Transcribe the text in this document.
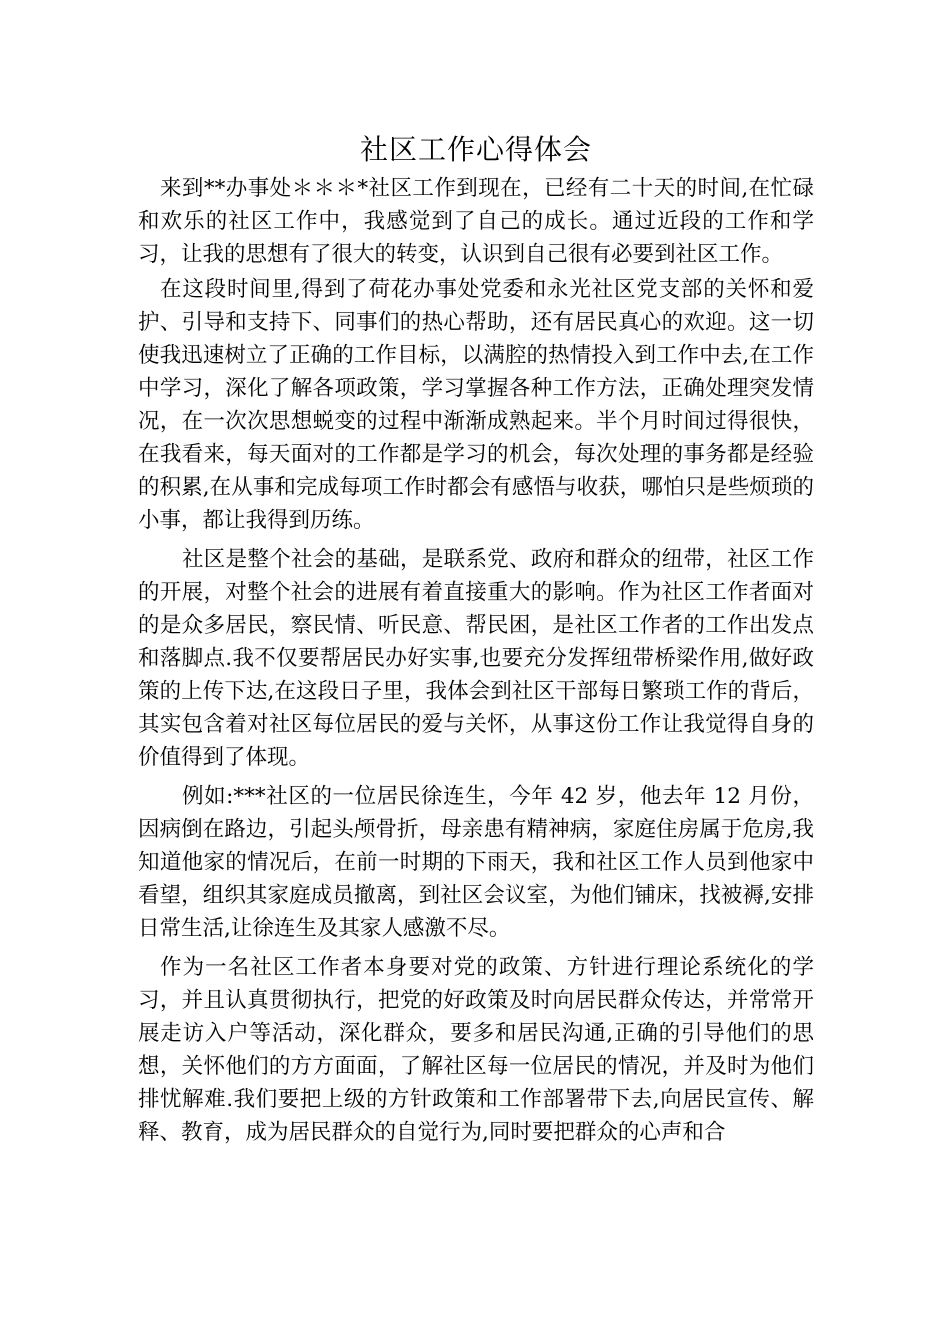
社区工作心得体会

来到**办事处＊＊＊*社区工作到现在，已经有二十天的时间,在忙碌和欢乐的社区工作中，我感觉到了自己的成长。通过近段的工作和学习，让我的思想有了很大的转变，认识到自己很有必要到社区工作。

在这段时间里,得到了荷花办事处党委和永光社区党支部的关怀和爱护、引导和支持下、同事们的热心帮助，还有居民真心的欢迎。这一切使我迅速树立了正确的工作目标，以满腔的热情投入到工作中去,在工作中学习，深化了解各项政策，学习掌握各种工作方法，正确处理突发情况，在一次次思想蜕变的过程中渐渐成熟起来。半个月时间过得很快，在我看来，每天面对的工作都是学习的机会，每次处理的事务都是经验的积累,在从事和完成每项工作时都会有感悟与收获，哪怕只是些烦琐的小事，都让我得到历练。

社区是整个社会的基础，是联系党、政府和群众的纽带，社区工作的开展，对整个社会的进展有着直接重大的影响。作为社区工作者面对的是众多居民，察民情、听民意、帮民困，是社区工作者的工作出发点和落脚点.我不仅要帮居民办好实事,也要充分发挥纽带桥梁作用,做好政策的上传下达,在这段日子里，我体会到社区干部每日繁琐工作的背后，其实包含着对社区每位居民的爱与关怀，从事这份工作让我觉得自身的价值得到了体现。

例如:***社区的一位居民徐连生，今年 42 岁，他去年 12 月份，因病倒在路边，引起头颅骨折，母亲患有精神病，家庭住房属于危房,我知道他家的情况后，在前一时期的下雨天，我和社区工作人员到他家中看望，组织其家庭成员撤离，到社区会议室，为他们铺床，找被褥,安排日常生活,让徐连生及其家人感激不尽。

作为一名社区工作者本身要对党的政策、方针进行理论系统化的学习，并且认真贯彻执行，把党的好政策及时向居民群众传达，并常常开展走访入户等活动，深化群众，要多和居民沟通,正确的引导他们的思想，关怀他们的方方面面，了解社区每一位居民的情况，并及时为他们排忧解难.我们要把上级的方针政策和工作部署带下去,向居民宣传、解释、教育，成为居民群众的自觉行为,同时要把群众的心声和合
